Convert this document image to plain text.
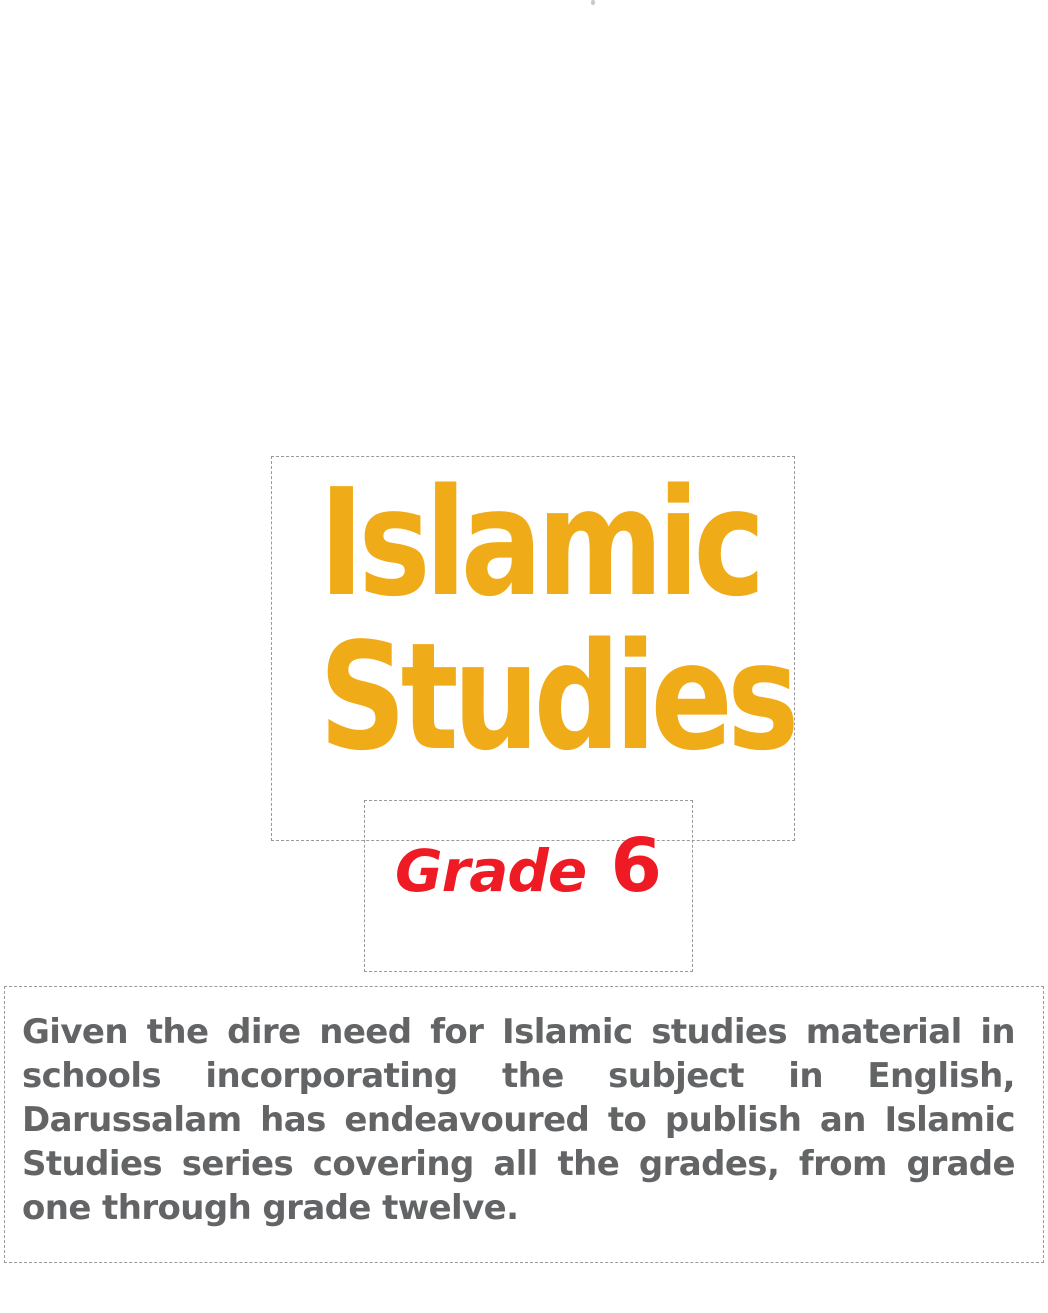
Islamic
Studies
Grade 6

Given the dire need for Islamic studies material in schools incorporating the subject in English, Darussalam has endeavoured to publish an Islamic Studies series covering all the grades, from grade one through grade twelve.
